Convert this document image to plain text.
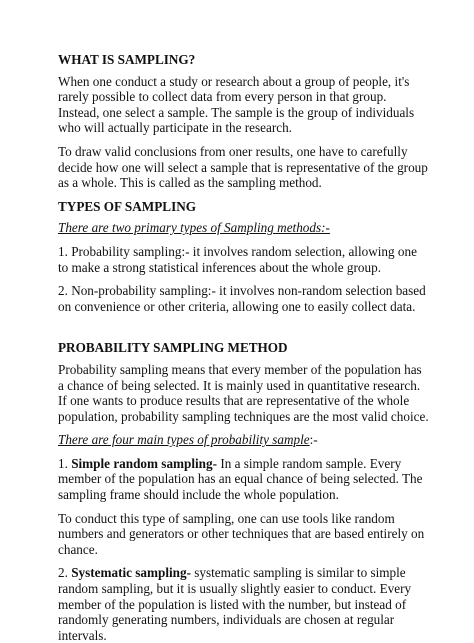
WHAT IS SAMPLING?

When one conduct a study or research about a group of people, it's
rarely possible to collect data from every person in that group.
Instead, one select a sample. The sample is the group of individuals
who will actually participate in the research.

To draw valid conclusions from oner results, one have to carefully
decide how one will select a sample that is representative of the group
as a whole. This is called as the sampling method.

TYPES OF SAMPLING

There are two primary types of Sampling methods:-

1. Probability sampling:- it involves random selection, allowing one
to make a strong statistical inferences about the whole group.

2. Non-probability sampling:- it involves non-random selection based
on convenience or other criteria, allowing one to easily collect data.

PROBABILITY SAMPLING METHOD

Probability sampling means that every member of the population has
a chance of being selected. It is mainly used in quantitative research.
If one wants to produce results that are representative of the whole
population, probability sampling techniques are the most valid choice.

There are four main types of probability sample:-

1. Simple random sampling- In a simple random sample. Every
member of the population has an equal chance of being selected. The
sampling frame should include the whole population.

To conduct this type of sampling, one can use tools like random
numbers and generators or other techniques that are based entirely on
chance.

2. Systematic sampling- systematic sampling is similar to simple
random sampling, but it is usually slightly easier to conduct. Every
member of the population is listed with the number, but instead of
randomly generating numbers, individuals are chosen at regular
intervals.
